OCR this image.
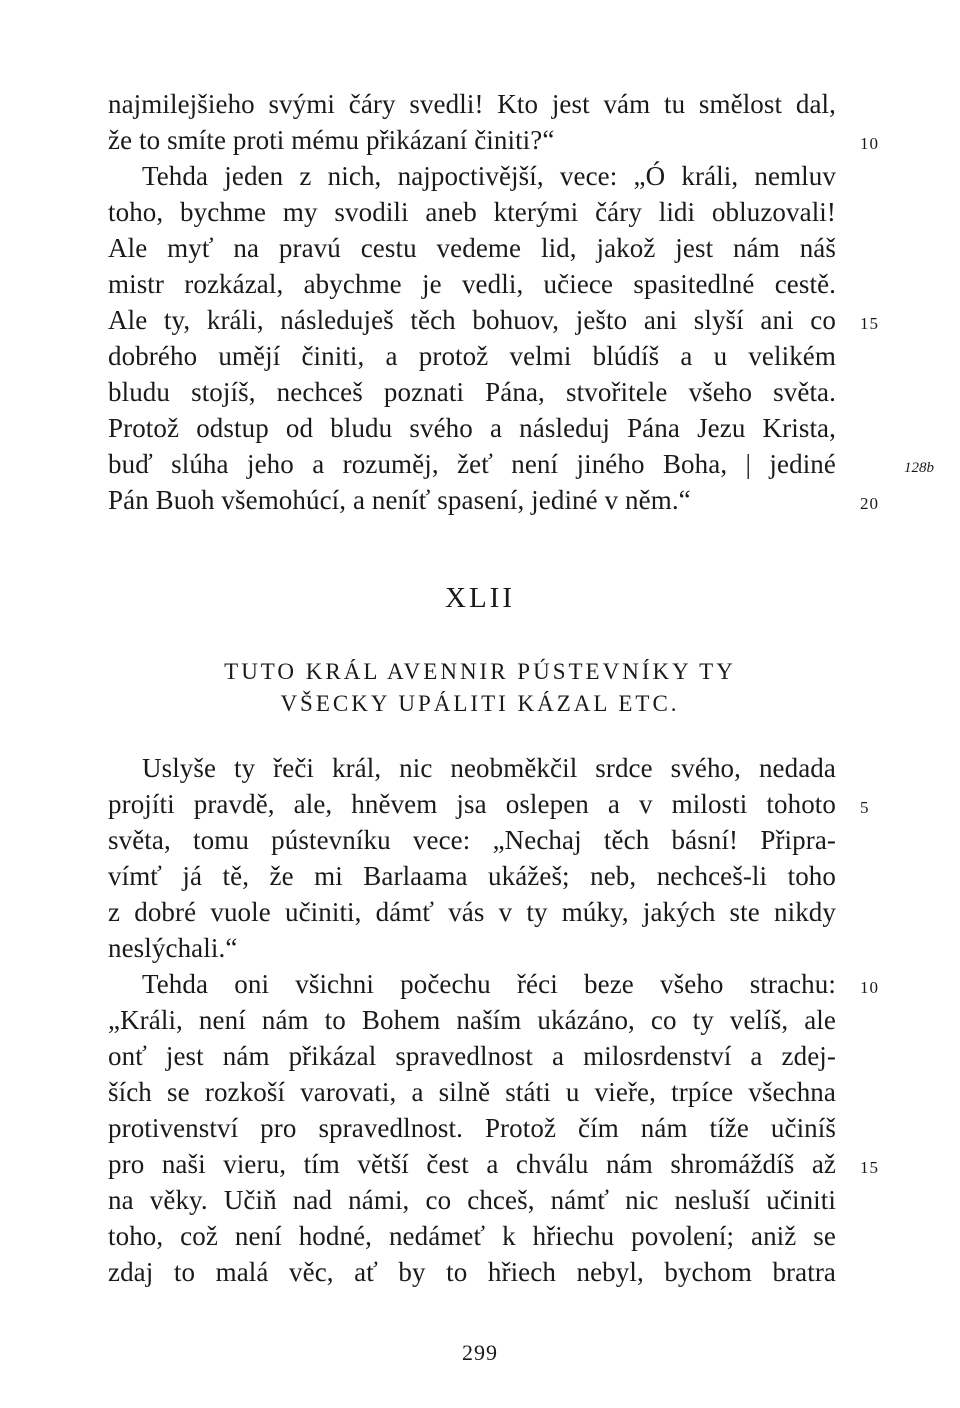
najmilejšieho svými čáry svedli! Kto jest vám tu smělost dal,
že to smíte proti mému přikázaní činiti?“
Tehda jeden z nich, najpoctivější, vece: „Ó králi, nemluv
toho, bychme my svodili aneb kterými čáry lidi obluzovali!
Ale myť na pravú cestu vedeme lid, jakož jest nám náš
mistr rozkázal, abychme je vedli, učiece spasitedlné cestě.
Ale ty, králi, následuješ těch bohuov, ješto ani slyší ani co
dobrého umějí činiti, a protož velmi blúdíš a u velikém
bludu stojíš, nechceš poznati Pána, stvořitele všeho světa.
Protož odstup od bludu svého a následuj Pána Jezu Krista,
buď slúha jeho a rozuměj, žeť není jiného Boha, | jediné
Pán Buoh všemohúcí, a neníť spasení, jediné v něm.“
10
15
128b
20
XLII
TUTO KRÁL AVENNIR PÚSTEVNÍKY TY
VŠECKY UPÁLITI KÁZAL ETC.
Uslyše ty řeči král, nic neobměkčil srdce svého, nedada
projíti pravdě, ale, hněvem jsa oslepen a v milosti tohoto
světa, tomu pústevníku vece: „Nechaj těch básní! Připra-
vímť já tě, že mi Barlaama ukážeš; neb, nechceš-li toho
z dobré vuole učiniti, dámť vás v ty múky, jakých ste nikdy
neslýchali.“
Tehda oni všichni počechu řéci beze všeho strachu:
„Králi, není nám to Bohem naším ukázáno, co ty velíš, ale
onť jest nám přikázal spravedlnost a milosrdenství a zdej-
ších se rozkoší varovati, a silně státi u vieře, trpíce všechna
protivenství pro spravedlnost. Protož čím nám tíže učiníš
pro naši vieru, tím větší čest a chválu nám shromáždíš až
na věky. Učiň nad námi, co chceš, námť nic nesluší učiniti
toho, což není hodné, nedámeť k hřiechu povolení; aniž se
zdaj to malá věc, ať by to hřiech nebyl, bychom bratra
5
10
15
299
